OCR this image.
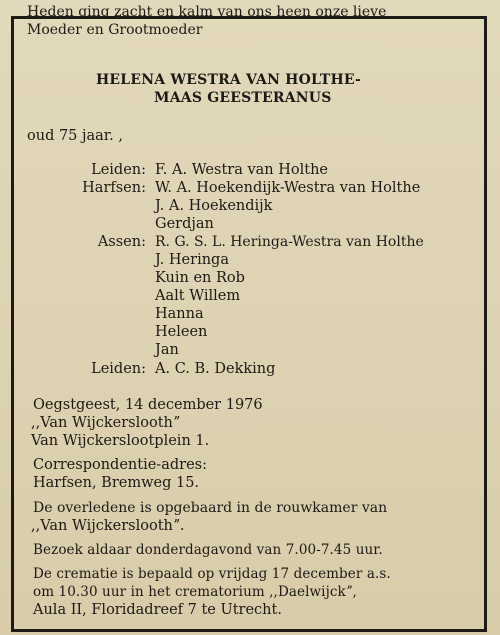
Heden ging zacht en kalm van ons heen onze lieve
Moeder en Grootmoeder
HELENA WESTRA VAN HOLTHE-
MAAS GEESTERANUS
oud 75 jaar. ,
Leiden: F. A. Westra van Holthe
Harfsen: W. A. Hoekendijk-Westra van Holthe
J. A. Hoekendijk
Gerdjan
Assen: R. G. S. L. Heringa-Westra van Holthe
J. Heringa
Kuin en Rob
Aalt Willem
Hanna
Heleen
Jan
Leiden: A. C. B. Dekking
Oegstgeest, 14 december 1976
,,Van Wijckersloothˮ
Van Wijckerslootplein 1.
Correspondentie-adres:
Harfsen, Bremweg 15.
De overledene is opgebaard in de rouwkamer van
,,Van Wijckersloothˮ.
Bezoek aldaar donderdagavond van 7.00-7.45 uur.
De crematie is bepaald op vrijdag 17 december a.s.
om 10.30 uur in het crematorium ,,Daelwijckˮ,
Aula II, Floridadreef 7 te Utrecht.
